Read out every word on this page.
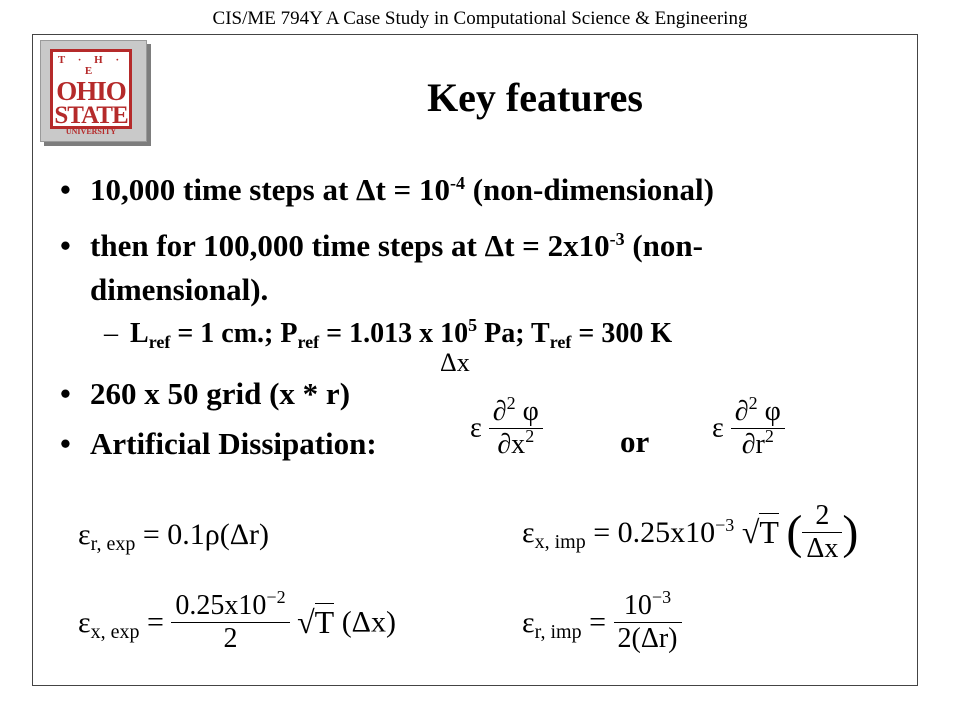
CIS/ME 794Y A Case Study in Computational Science & Engineering
T · H · E
OHIO
STATE
UNIVERSITY
Key features
• 10,000 time steps at $\Delta t = 10^{-4}$ (non-dimensional)
• then for 100,000 time steps at $\Delta t = 2x10^{-3}$ (non-
dimensional).
– $L_{ref} = 1$ cm.; $P_{ref} = 1.013$ x $10^5$ Pa; $T_{ref} = 300$ K
Δx
• 260 x 50 grid (x * r)
• Artificial Dissipation:	ε $\frac{\partial^2 \varphi}{\partial x^2}$ or ε $\frac{\partial^2 \varphi}{\partial r^2}$
$\varepsilon_{r, exp} = 0.1\rho(\Delta r)$	$\varepsilon_{x, imp} = 0.25x10^{-3}$ √T ( $\frac{2}{\Delta x}$ )
$\varepsilon_{x, exp} = \frac{0.25x10^{-2}}{2} √T$ (Δx)	$\varepsilon_{r, imp} = \frac{10^{-3}}{2(\Delta r)}$
